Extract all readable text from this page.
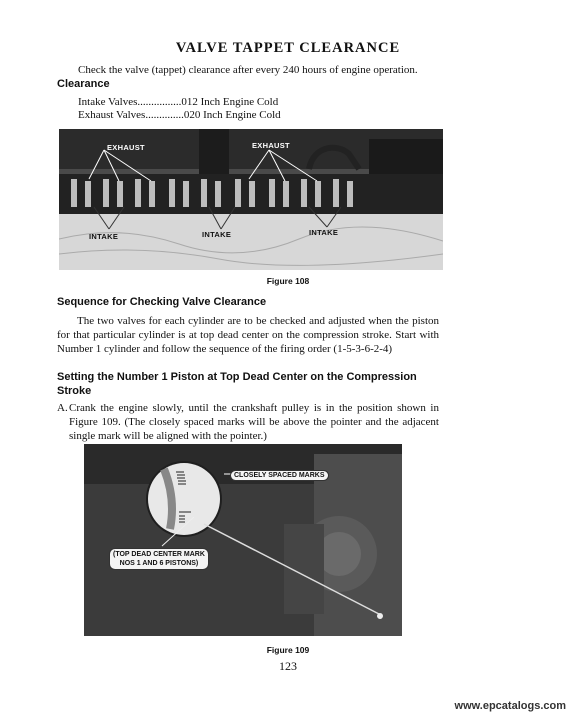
VALVE TAPPET CLEARANCE
Check the valve (tappet) clearance after every 240 hours of engine operation.
Clearance
Intake Valves................012 Inch Engine Cold
Exhaust Valves..............020 Inch Engine Cold
EXHAUST	EXHAUST
INTAKE	INTAKE	INTAKE
Figure 108
Sequence for Checking Valve Clearance
The two valves for each cylinder are to be checked and adjusted when the piston for that particular cylinder is at top dead center on the compression stroke. Start with Number 1 cylinder and follow the sequence of the firing order (1-5-3-6-2-4)
Setting the Number 1 Piston at Top Dead Center on the Compression Stroke
A. Crank the engine slowly, until the crankshaft pulley is in the position shown in Figure 109. (The closely spaced marks will be above the pointer and the adjacent single mark will be aligned with the pointer.)
CLOSELY SPACED MARKS
(TOP DEAD CENTER MARK
NOS 1 AND 6 PISTONS)
Figure 109
123
www.epcatalogs.com
